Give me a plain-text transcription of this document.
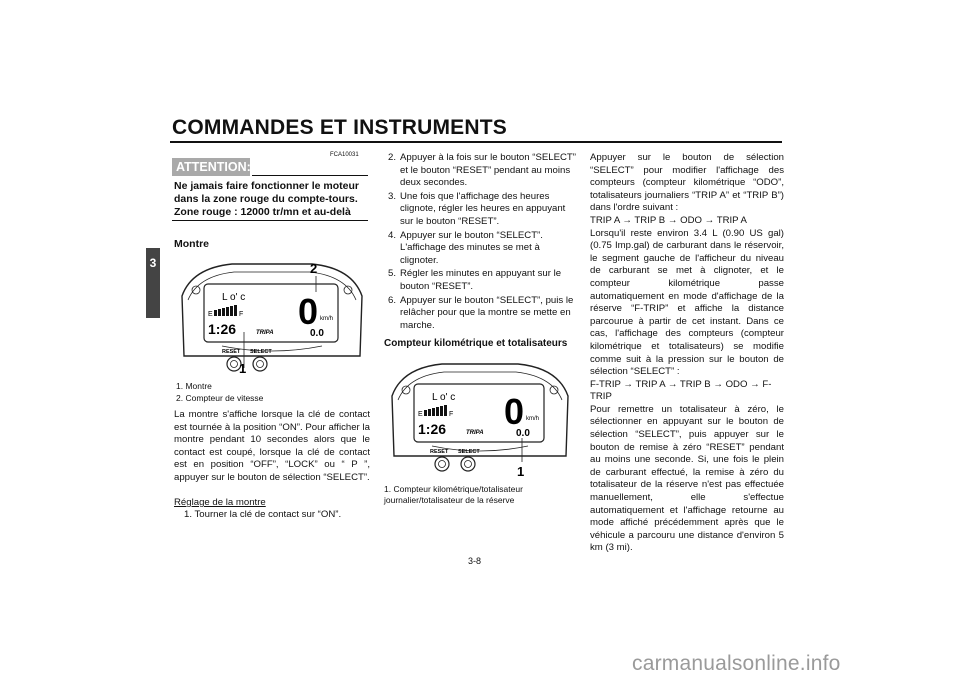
COMMANDES ET INSTRUMENTS
3
ATTENTION:
FCA10031
Ne jamais faire fonctionner le moteur dans la zone rouge du compte-tours. Zone rouge : 12000 tr/mn et au-delà
Montre
L o' c
E	F
1:26	TRIPA
0 km/h
0.0
RESET SELECT
1
2
1. Montre
2. Compteur de vitesse
La montre s'affiche lorsque la clé de contact est tournée à la position “ON”. Pour afficher la montre pendant 10 secondes alors que le contact est coupé, lorsque la clé de contact est en position “OFF”, “LOCK” ou “ P ”, appuyer sur le bouton de sélection “SELECT”.
Réglage de la montre
1. Tourner la clé de contact sur “ON”.
2. Appuyer à la fois sur le bouton “SELECT” et le bouton “RESET” pendant au moins deux secondes.
3. Une fois que l'affichage des heures clignote, régler les heures en appuyant sur le bouton “RESET”.
4. Appuyer sur le bouton “SELECT”. L'affichage des minutes se met à clignoter.
5. Régler les minutes en appuyant sur le bouton “RESET”.
6. Appuyer sur le bouton “SELECT”, puis le relâcher pour que la montre se mette en marche.
Compteur kilométrique et totalisateurs
L o' c
E	F
1:26	TRIPA
0 km/h
0.0
RESET SELECT
1
1. Compteur kilométrique/totalisateur journalier/totalisateur de la réserve
Appuyer sur le bouton de sélection “SELECT” pour modifier l'affichage des compteurs (compteur kilométrique “ODO”, totalisateurs journaliers “TRIP A” et “TRIP B”) dans l'ordre suivant :
TRIP A → TRIP B → ODO → TRIP A
Lorsqu'il reste environ 3.4 L (0.90 US gal) (0.75 Imp.gal) de carburant dans le réservoir, le segment gauche de l'afficheur du niveau de carburant se met à clignoter, et le compteur kilométrique passe automatiquement en mode d'affichage de la réserve “F-TRIP” et affiche la distance parcourue à partir de cet instant. Dans ce cas, l'affichage des compteurs (compteur kilométrique et totalisateurs) se modifie comme suit à la pression sur le bouton de sélection “SELECT” :
F-TRIP → TRIP A → TRIP B → ODO → F-TRIP
Pour remettre un totalisateur à zéro, le sélectionner en appuyant sur le bouton de sélection “SELECT”, puis appuyer sur le bouton de remise à zéro “RESET” pendant au moins une seconde. Si, une fois le plein de carburant effectué, la remise à zéro du totalisateur de la réserve n'est pas effectuée manuellement, elle s'effectue automatiquement et l'affichage retourne au mode affiché précédemment après que le véhicule a parcouru une distance d'environ 5 km (3 mi).
3-8
carmanualsonline.info
